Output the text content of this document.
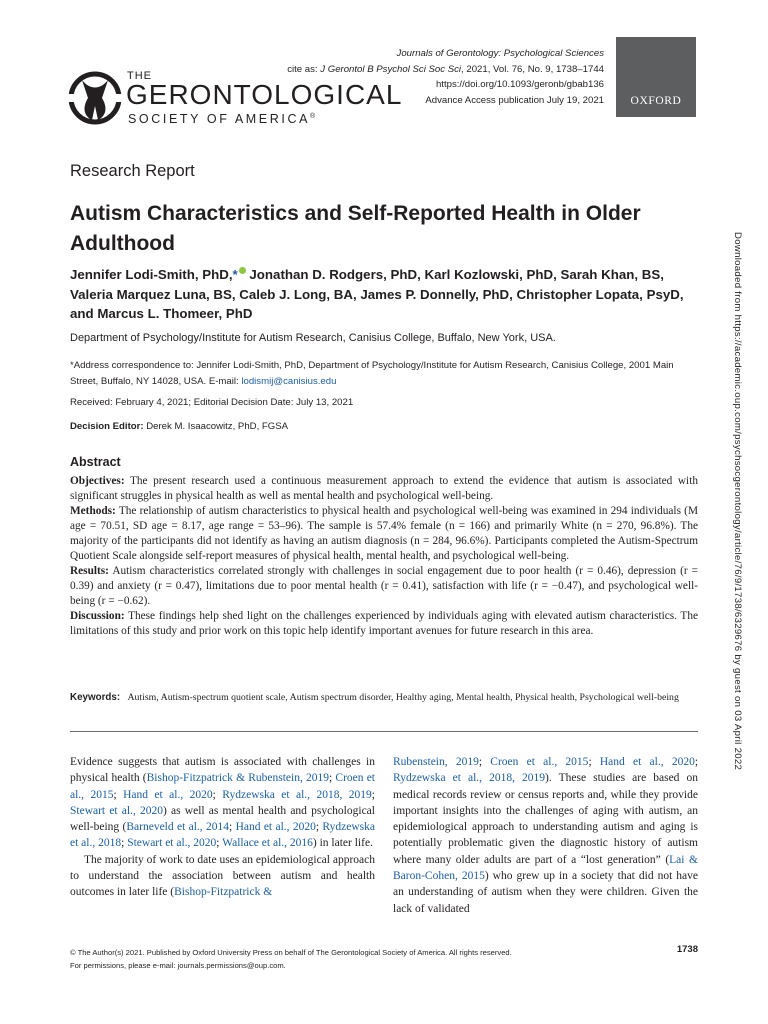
THE
GERONTOLOGICAL
SOCIETY OF AMERICA®
Journals of Gerontology: Psychological Sciences
cite as: J Gerontol B Psychol Sci Soc Sci, 2021, Vol. 76, No. 9, 1738–1744
https://doi.org/10.1093/geronb/gbab136
Advance Access publication July 19, 2021	OXFORD
Research Report
Autism Characteristics and Self-Reported Health in Older Adulthood
Jennifer Lodi-Smith, PhD,* Jonathan D. Rodgers, PhD, Karl Kozlowski, PhD, Sarah Khan, BS, Valeria Marquez Luna, BS, Caleb J. Long, BA, James P. Donnelly, PhD, Christopher Lopata, PsyD, and Marcus L. Thomeer, PhD
Department of Psychology/Institute for Autism Research, Canisius College, Buffalo, New York, USA.
*Address correspondence to: Jennifer Lodi-Smith, PhD, Department of Psychology/Institute for Autism Research, Canisius College, 2001 Main Street, Buffalo, NY 14028, USA. E-mail: lodismij@canisius.edu
Received: February 4, 2021; Editorial Decision Date: July 13, 2021
Decision Editor: Derek M. Isaacowitz, PhD, FGSA
Abstract

Objectives: The present research used a continuous measurement approach to extend the evidence that autism is associated with significant struggles in physical health as well as mental health and psychological well-being.

Methods: The relationship of autism characteristics to physical health and psychological well-being was examined in 294 individuals (M age = 70.51, SD age = 8.17, age range = 53–96). The sample is 57.4% female (n = 166) and primarily White (n = 270, 96.8%). The majority of the participants did not identify as having an autism diagnosis (n = 284, 96.6%). Participants completed the Autism-Spectrum Quotient Scale alongside self-report measures of physical health, mental health, and psychological well-being.

Results: Autism characteristics correlated strongly with challenges in social engagement due to poor health (r = 0.46), depression (r = 0.39) and anxiety (r = 0.47), limitations due to poor mental health (r = 0.41), satisfaction with life (r = −0.47), and psychological well-being (r = −0.62).

Discussion: These findings help shed light on the challenges experienced by individuals aging with elevated autism characteristics. The limitations of this study and prior work on this topic help identify important avenues for future research in this area.

Keywords: Autism, Autism-spectrum quotient scale, Autism spectrum disorder, Healthy aging, Mental health, Physical health, Psychological well-being

Evidence suggests that autism is associated with challenges in physical health (Bishop-Fitzpatrick & Rubenstein, 2019; Croen et al., 2015; Hand et al., 2020; Rydzewska et al., 2018, 2019; Stewart et al., 2020) as well as mental health and psychological well-being (Barneveld et al., 2014; Hand et al., 2020; Rydzewska et al., 2018; Stewart et al., 2020; Wallace et al., 2016) in later life.

The majority of work to date uses an epidemiological approach to understand the association between autism and health outcomes in later life (Bishop-Fitzpatrick &

Rubenstein, 2019; Croen et al., 2015; Hand et al., 2020; Rydzewska et al., 2018, 2019). These studies are based on medical records review or census reports and, while they provide important insights into the challenges of aging with autism, an epidemiological approach to understanding autism and aging is potentially problematic given the diagnostic history of autism where many older adults are part of a “lost generation” (Lai & Baron-Cohen, 2015) who grew up in a society that did not have an understanding of autism when they were children. Given the lack of validated

© The Author(s) 2021. Published by Oxford University Press on behalf of The Gerontological Society of America. All rights reserved.
For permissions, please e-mail: journals.permissions@oup.com.
1738
Downloaded from https://academic.oup.com/psychsocgerontology/article/76/9/1738/6329676 by guest on 03 April 2022
